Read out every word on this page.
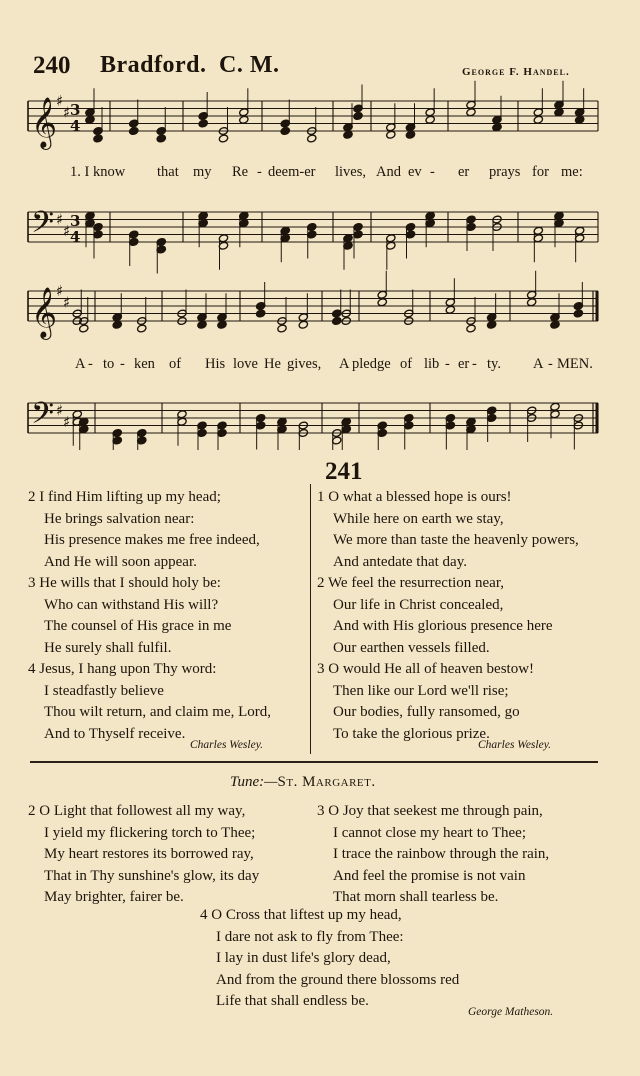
240 Bradford. C. M.	George F. Handel.
𝄞
♯
♯ 3
4
𝄢 ♯
♯
3
4
𝄞
♯
♯
𝄢 ♯
♯
1. I know that my Re - deem-er lives, And ev - er prays for me:
A - to - ken of His love He gives, A pledge of lib - er - ty. A - MEN.
241
2 I find Him lifting up my head;
He brings salvation near:
His presence makes me free indeed,
And He will soon appear.
3 He wills that I should holy be:
Who can withstand His will?
The counsel of His grace in me
He surely shall fulfil.
4 Jesus, I hang upon Thy word:
I steadfastly believe
Thou wilt return, and claim me, Lord,
And to Thyself receive.
Charles Wesley.
1 O what a blessed hope is ours!
While here on earth we stay,
We more than taste the heavenly powers,
And antedate that day.
2 We feel the resurrection near,
Our life in Christ concealed,
And with His glorious presence here
Our earthen vessels filled.
3 O would He all of heaven bestow!
Then like our Lord we'll rise;
Our bodies, fully ransomed, go
To take the glorious prize.
Charles Wesley.
Tune:—St. Margaret.
2 O Light that followest all my way,
I yield my flickering torch to Thee;
My heart restores its borrowed ray,
That in Thy sunshine's glow, its day
May brighter, fairer be.
3 O Joy that seekest me through pain,
I cannot close my heart to Thee;
I trace the rainbow through the rain,
And feel the promise is not vain
That morn shall tearless be.
4 O Cross that liftest up my head,
I dare not ask to fly from Thee:
I lay in dust life's glory dead,
And from the ground there blossoms red
Life that shall endless be.
George Matheson.
